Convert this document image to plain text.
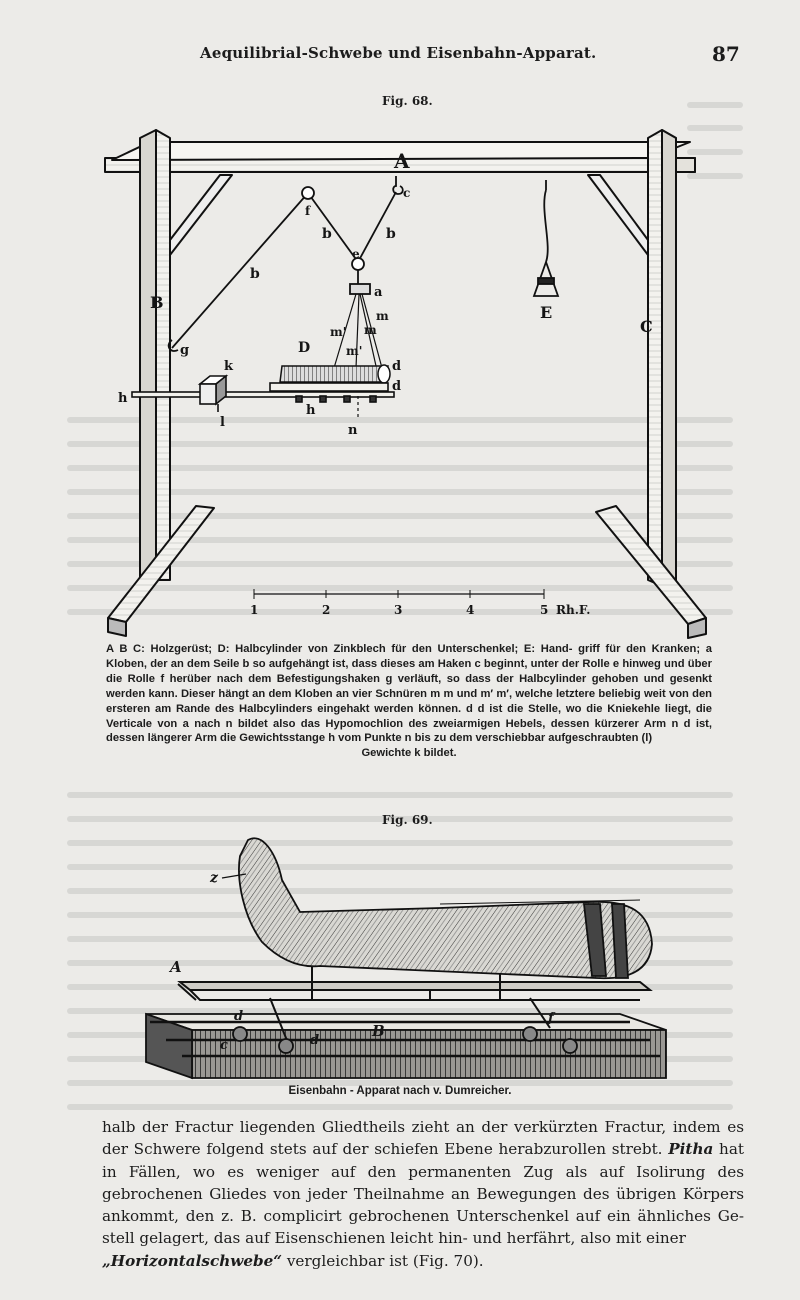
Aequilibrial-Schwebe und Eisenbahn-Apparat.	87
Fig. 68.
A
B
C
D
E
b
b	b
c
e
f
g
a
m
m
m'
m'
d
d
h
h
k
l
n
1	2	3	4	5 Rh.F.
A B C: Holzgerüst; D: Halbcylinder von Zinkblech für den Unterschenkel; E: Hand- griff für den Kranken; a Kloben, der an dem Seile b so aufgehängt ist, dass dieses am Haken c beginnt, unter der Rolle e hinweg und über die Rolle f herüber nach dem Befestigungshaken g verläuft, so dass der Halbcylinder gehoben und gesenkt werden kann. Dieser hängt an dem Kloben an vier Schnüren m m und m′ m′, welche letztere beliebig weit von den ersteren am Rande des Halbcylinders eingehakt werden können. d d ist die Stelle, wo die Kniekehle liegt, die Verticale von a nach n bildet also das Hypomochlion des zweiarmigen Hebels, dessen kürzerer Arm n d ist, dessen längerer Arm die Gewichtsstange h vom Punkte n bis zu dem verschiebbar aufgeschraubten (l)
Gewichte k bildet.
Fig. 69.
z
A
B
c
d
d
f
Eisenbahn - Apparat nach v. Dumreicher.
halb der Fractur liegenden Gliedtheils zieht an der verkürzten Fractur, indem es der Schwere folgend stets auf der schiefen Ebene herabzurollen strebt. Pitha hat in Fällen, wo es weniger auf den permanenten Zug als auf Isolirung des gebrochenen Gliedes von jeder Theilnahme an Bewegungen des übrigen Körpers ankommt, den z. B. complicirt gebrochenen Unterschenkel auf ein ähnliches Ge- stell gelagert, das auf Eisenschienen leicht hin- und herfährt, also mit einer
„Horizontalschwebe“ vergleichbar ist (Fig. 70).
